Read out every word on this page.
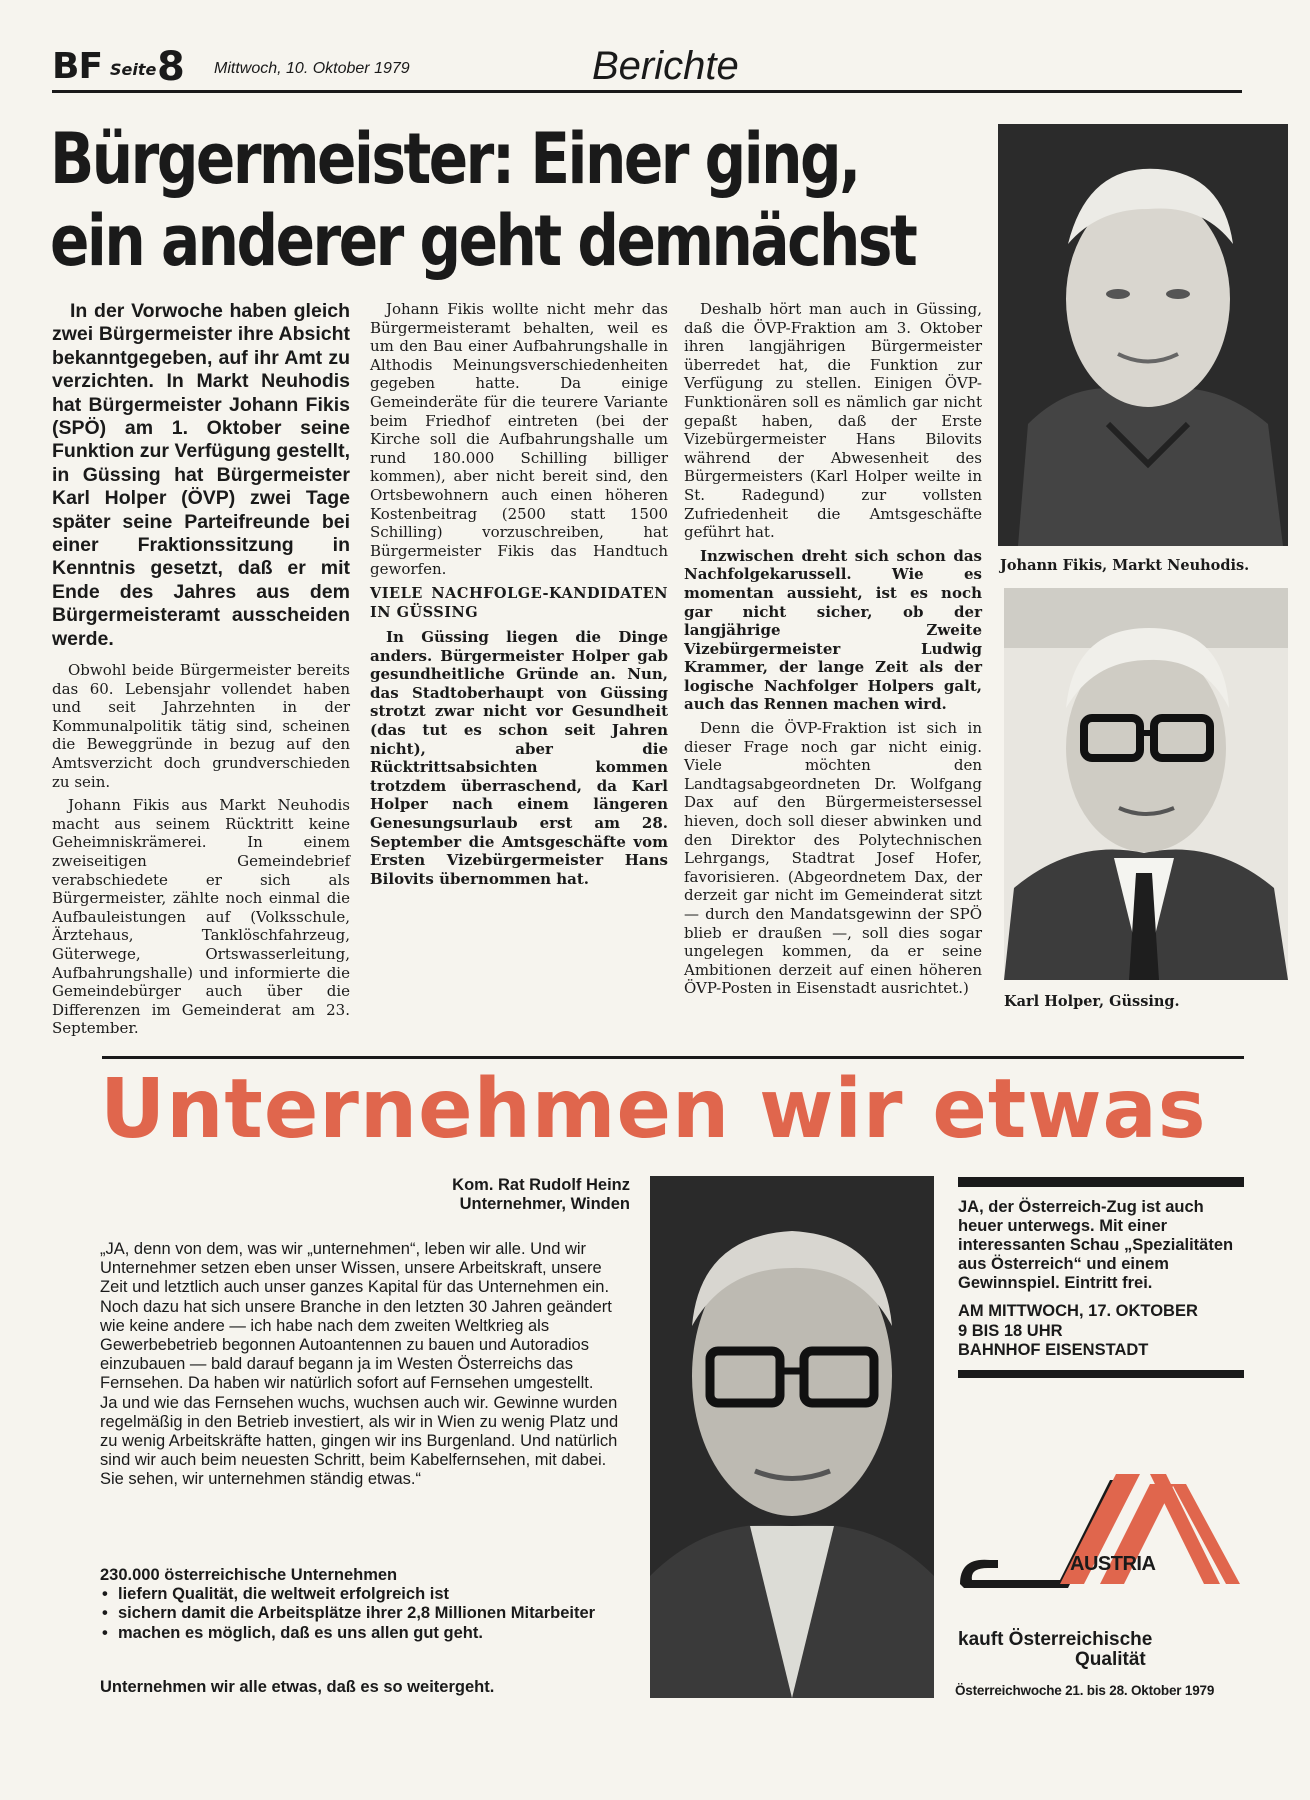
BF Seite 8 Mittwoch, 10. Oktober 1979	Berichte
Bürgermeister: Einer ging,
ein anderer geht demnächst

In der Vorwoche haben gleich zwei Bürgermeister ihre Absicht bekanntgegeben, auf ihr Amt zu verzichten. In Markt Neuhodis hat Bürgermeister Johann Fikis (SPÖ) am 1. Oktober seine Funktion zur Verfügung gestellt, in Güssing hat Bürgermeister Karl Holper (ÖVP) zwei Tage später seine Parteifreunde bei einer Fraktionssitzung in Kenntnis gesetzt, daß er mit Ende des Jahres aus dem Bürgermeisteramt ausscheiden werde.

Obwohl beide Bürgermeister bereits das 60. Lebensjahr vollendet haben und seit Jahrzehnten in der Kommunalpolitik tätig sind, scheinen die Beweggründe in bezug auf den Amtsverzicht doch grundverschieden zu sein.

Johann Fikis aus Markt Neuhodis macht aus seinem Rücktritt keine Geheimniskrämerei. In einem zweiseitigen Gemeindebrief verabschiedete er sich als Bürgermeister, zählte noch einmal die Aufbauleistungen auf (Volksschule, Ärztehaus, Tanklöschfahrzeug, Güterwege, Ortswasserleitung, Aufbahrungshalle) und informierte die Gemeindebürger auch über die Differenzen im Gemeinderat am 23. September.

Johann Fikis wollte nicht mehr das Bürgermeisteramt behalten, weil es um den Bau einer Aufbahrungshalle in Althodis Meinungsverschiedenheiten gegeben hatte. Da einige Gemeinderäte für die teurere Variante beim Friedhof eintreten (bei der Kirche soll die Aufbahrungshalle um rund 180.000 Schilling billiger kommen), aber nicht bereit sind, den Ortsbewohnern auch einen höheren Kostenbeitrag (2500 statt 1500 Schilling) vorzuschreiben, hat Bürgermeister Fikis das Handtuch geworfen.

VIELE NACHFOLGE-KANDIDATEN IN GÜSSING

In Güssing liegen die Dinge anders. Bürgermeister Holper gab gesundheitliche Gründe an. Nun, das Stadtoberhaupt von Güssing strotzt zwar nicht vor Gesundheit (das tut es schon seit Jahren nicht), aber die Rücktrittsabsichten kommen trotzdem überraschend, da Karl Holper nach einem längeren Genesungsurlaub erst am 28. September die Amtsgeschäfte vom Ersten Vizebürgermeister Hans Bilovits übernommen hat.

Deshalb hört man auch in Güssing, daß die ÖVP-Fraktion am 3. Oktober ihren langjährigen Bürgermeister überredet hat, die Funktion zur Verfügung zu stellen. Einigen ÖVP-Funktionären soll es nämlich gar nicht gepaßt haben, daß der Erste Vizebürgermeister Hans Bilovits während der Abwesenheit des Bürgermeisters (Karl Holper weilte in St. Radegund) zur vollsten Zufriedenheit die Amtsgeschäfte geführt hat.

Inzwischen dreht sich schon das Nachfolgekarussell. Wie es momentan aussieht, ist es noch gar nicht sicher, ob der langjährige Zweite Vizebürgermeister Ludwig Krammer, der lange Zeit als der logische Nachfolger Holpers galt, auch das Rennen machen wird.

Denn die ÖVP-Fraktion ist sich in dieser Frage noch gar nicht einig. Viele möchten den Landtagsabgeordneten Dr. Wolfgang Dax auf den Bürgermeistersessel hieven, doch soll dieser abwinken und den Direktor des Polytechnischen Lehrgangs, Stadtrat Josef Hofer, favorisieren. (Abgeordnetem Dax, der derzeit gar nicht im Gemeinderat sitzt — durch den Mandatsgewinn der SPÖ blieb er draußen —, soll dies sogar ungelegen kommen, da er seine Ambitionen derzeit auf einen höheren ÖVP-Posten in Eisenstadt ausrichtet.)

Johann Fikis, Markt Neuhodis.
Karl Holper, Güssing.
Unternehmen wir etwas
Kom. Rat Rudolf Heinz
Unternehmer, Winden

„JA, denn von dem, was wir „unternehmen“, leben wir alle. Und wir Unternehmer setzen eben unser Wissen, unsere Arbeitskraft, unsere Zeit und letztlich auch unser ganzes Kapital für das Unternehmen ein.

Noch dazu hat sich unsere Branche in den letzten 30 Jahren geändert wie keine andere — ich habe nach dem zweiten Weltkrieg als Gewerbebetrieb begonnen Autoantennen zu bauen und Autoradios einzubauen — bald darauf begann ja im Westen Österreichs das Fernsehen. Da haben wir natürlich sofort auf Fernsehen umgestellt.

Ja und wie das Fernsehen wuchs, wuchsen auch wir. Gewinne wurden regelmäßig in den Betrieb investiert, als wir in Wien zu wenig Platz und zu wenig Arbeitskräfte hatten, gingen wir ins Burgenland. Und natürlich sind wir auch beim neuesten Schritt, beim Kabelfernsehen, mit dabei.

Sie sehen, wir unternehmen ständig etwas.“

230.000 österreichische Unternehmen
• liefern Qualität, die weltweit erfolgreich ist
• sichern damit die Arbeitsplätze ihrer 2,8 Millionen Mitarbeiter
• machen es möglich, daß es uns allen gut geht.
Unternehmen wir alle etwas, daß es so weitergeht.
JA, der Österreich-Zug ist auch heuer unterwegs. Mit einer interessanten Schau „Spezialitäten aus Österreich“ und einem Gewinnspiel. Eintritt frei.
AM MITTWOCH, 17. OKTOBER
9 BIS 18 UHR
BAHNHOF EISENSTADT
AUSTRIA
kauft Österreichische
Qualität
Österreichwoche 21. bis 28. Oktober 1979
